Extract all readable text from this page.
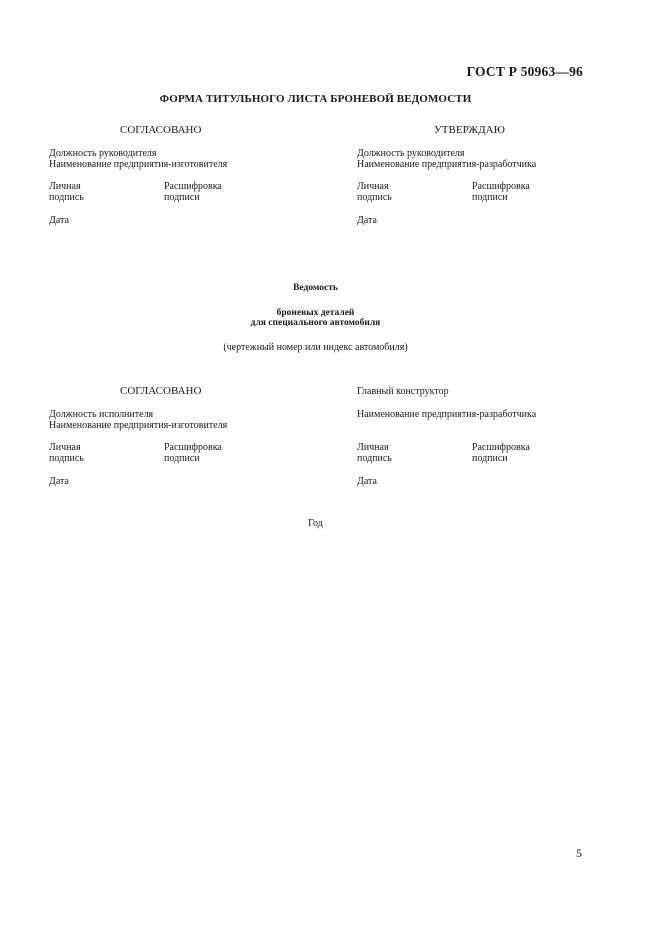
ГОСТ Р 50963—96
ФОРМА ТИТУЛЬНОГО ЛИСТА БРОНЕВОЙ ВЕДОМОСТИ
СОГЛАСОВАНО
Должность руководителя
Наименование предприятия-изготовителя
Личная
подпись
Расшифровка
подписи
Дата
УТВЕРЖДАЮ
Должность руководителя
Наименование предприятия-разработчика
Личная
подпись
Расшифровка
подписи
Дата
Ведомость
броневых деталей
для специального автомобиля
(чертежный номер или индекс автомобиля)
СОГЛАСОВАНО
Должность исполнителя
Наименование предприятия-изготовителя
Личная
подпись
Расшифровка
подписи
Дата
Главный конструктор
Наименование предприятия-разработчика
Личная
подпись
Расшифровка
подписи
Дата
Год
5
